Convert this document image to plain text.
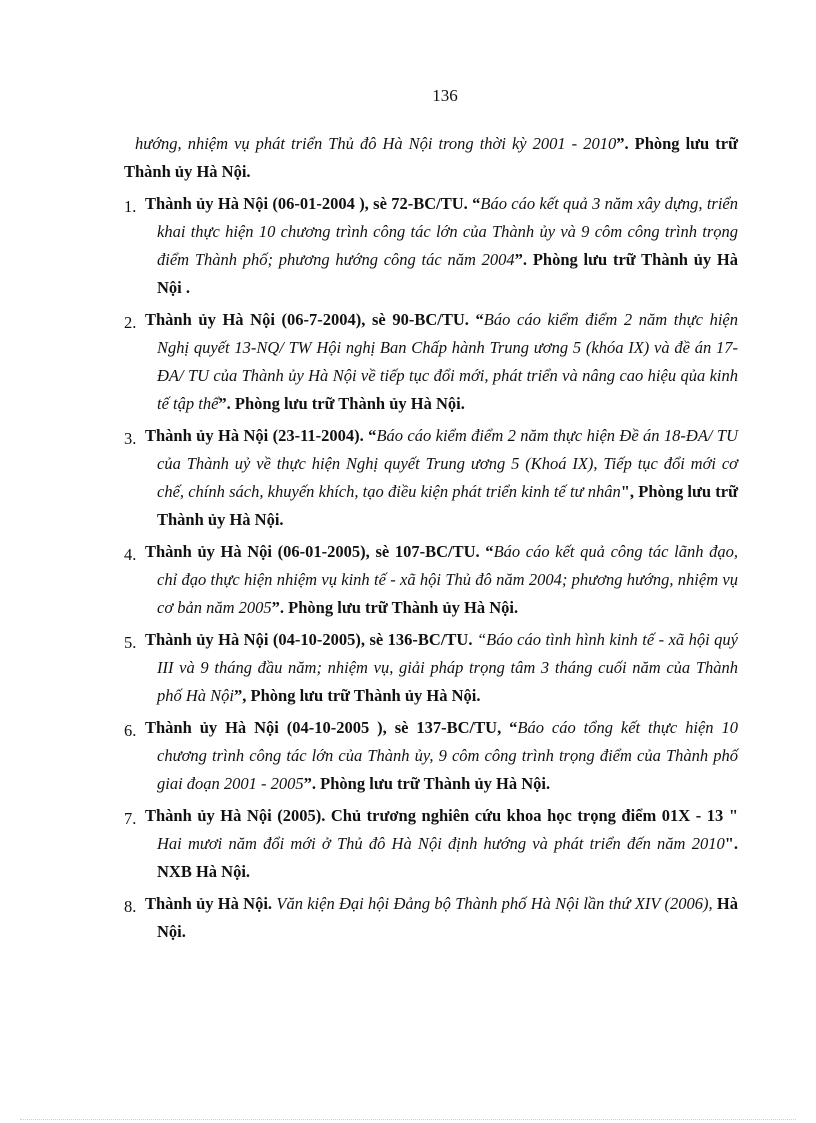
136

hướng, nhiệm vụ phát triển Thủ đô Hà Nội trong thời kỳ 2001 - 2010”. Phòng lưu trữ Thành ủy Hà Nội.

1. Thành ủy Hà Nội (06-01-2004 ), sè 72-BC/TU. “Báo cáo kết quả 3 năm xây dựng, triển khai thực hiện 10 chương trình công tác lớn của Thành ủy và 9 côm công trình trọng điểm Thành phố; phương hướng công tác năm 2004”. Phòng lưu trữ Thành ủy Hà Nội .

2. Thành ủy Hà Nội (06-7-2004), sè 90-BC/TU. “Báo cáo kiểm điểm 2 năm thực hiện Nghị quyết 13-NQ/ TW Hội nghị Ban Chấp hành Trung ương 5 (khóa IX) và đề án 17-ĐA/ TU của Thành ủy Hà Nội về tiếp tục đổi mới, phát triển và nâng cao hiệu qủa kinh tế tập thể”. Phòng lưu trữ Thành ủy Hà Nội.

3. Thành ủy Hà Nội (23-11-2004). “Báo cáo kiểm điểm 2 năm thực hiện Đề án 18-ĐA/ TU của Thành uỷ về thực hiện Nghị quyết Trung ương 5 (Khoá IX), Tiếp tục đổi mới cơ chế, chính sách, khuyến khích, tạo điều kiện phát triển kinh tế tư nhân", Phòng lưu trữ Thành ủy Hà Nội.

4. Thành ủy Hà Nội (06-01-2005), sè 107-BC/TU. “Báo cáo kết quả công tác lãnh đạo, chỉ đạo thực hiện nhiệm vụ kinh tế - xã hội Thủ đô năm 2004; phương hướng, nhiệm vụ cơ bản năm 2005”. Phòng lưu trữ Thành ủy Hà Nội.

5. Thành ủy Hà Nội (04-10-2005), sè 136-BC/TU. “Báo cáo tình hình kinh tế - xã hội quý III và 9 tháng đầu năm; nhiệm vụ, giải pháp trọng tâm 3 tháng cuối năm của Thành phố Hà Nội”, Phòng lưu trữ Thành ủy Hà Nội.

6. Thành ủy Hà Nội (04-10-2005 ), sè 137-BC/TU, “Báo cáo tổng kết thực hiện 10 chương trình công tác lớn của Thành ủy, 9 côm công trình trọng điểm của Thành phố giai đoạn 2001 - 2005”. Phòng lưu trữ Thành ủy Hà Nội.

7. Thành ủy Hà Nội (2005). Chủ trương nghiên cứu khoa học trọng điểm 01X - 13 " Hai mươi năm đổi mới ở Thủ đô Hà Nội định hướng và phát triển đến năm 2010". NXB Hà Nội.

8. Thành ủy Hà Nội. Văn kiện Đại hội Đảng bộ Thành phố Hà Nội lần thứ XIV (2006), Hà Nội.
